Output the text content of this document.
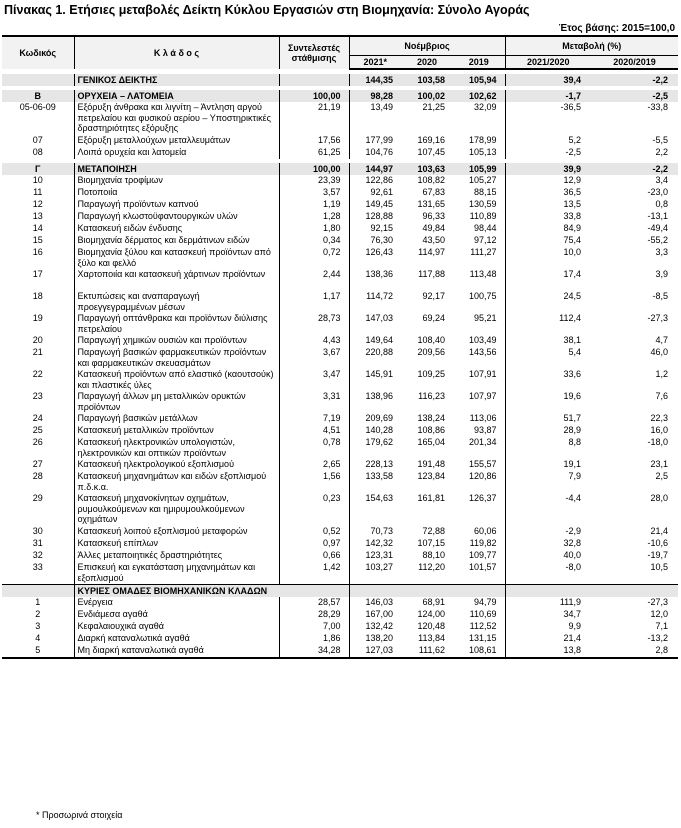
Πίνακας 1. Ετήσιες μεταβολές Δείκτη Κύκλου Εργασιών στη Βιομηχανία: Σύνολο Αγοράς
Έτος βάσης: 2015=100,0
Κωδικός	Κ λ ά δ ο ς	Συντελεστές
στάθμισης	Νοέμβριος			Μεταβολή (%)	
			2021*	2020	2019	2021/2020	2020/2019

	ΓΕΝΙΚΟΣ ΔΕΙΚΤΗΣ		144,35	103,58	105,94	39,4	-2,2

B	ΟΡΥΧΕΙΑ – ΛΑΤΟΜΕΙΑ	100,00	98,28	100,02	102,62	-1,7	-2,5
05-06-09	Εξόρυξη άνθρακα και λιγνίτη – Άντληση αργού πετρελαίου και φυσικού αερίου – Υποστηρικτικές δραστηριότητες εξόρυξης	21,19	13,49	21,25	32,09	-36,5	-33,8
07	Εξόρυξη μεταλλούχων μεταλλευμάτων	17,56	177,99	169,16	178,99	5,2	-5,5
08	Λοιπά ορυχεία και λατομεία	61,25	104,76	107,45	105,13	-2,5	2,2

Γ	ΜΕΤΑΠΟΙΗΣΗ	100,00	144,97	103,63	105,99	39,9	-2,2
10	Βιομηχανία τροφίμων	23,39	122,86	108,82	105,27	12,9	3,4
11	Ποτοποιία	3,57	92,61	67,83	88,15	36,5	-23,0
12	Παραγωγή προϊόντων καπνού	1,19	149,45	131,65	130,59	13,5	0,8
13	Παραγωγή κλωστοϋφαντουργικών υλών	1,28	128,88	96,33	110,89	33,8	-13,1
14	Κατασκευή ειδών ένδυσης	1,80	92,15	49,84	98,44	84,9	-49,4
15	Βιομηχανία δέρματος και δερμάτινων ειδών	0,34	76,30	43,50	97,12	75,4	-55,2
16	Βιομηχανία ξύλου και κατασκευή προϊόντων από ξύλο και φελλό	0,72	126,43	114,97	111,27	10,0	3,3
17	Χαρτοποιία και κατασκευή χάρτινων προϊόντων	2,44	138,36	117,88	113,48	17,4	3,9
18	Εκτυπώσεις και αναπαραγωγή προεγγεγραμμένων μέσων	1,17	114,72	92,17	100,75	24,5	-8,5
19	Παραγωγή οπτάνθρακα και προϊόντων διύλισης πετρελαίου	28,73	147,03	69,24	95,21	112,4	-27,3
20	Παραγωγή χημικών ουσιών και προϊόντων	4,43	149,64	108,40	103,49	38,1	4,7
21	Παραγωγή βασικών φαρμακευτικών προϊόντων και φαρμακευτικών σκευασμάτων	3,67	220,88	209,56	143,56	5,4	46,0
22	Κατασκευή προϊόντων από ελαστικό (καουτσούκ) και πλαστικές ύλες	3,47	145,91	109,25	107,91	33,6	1,2
23	Παραγωγή άλλων μη μεταλλικών ορυκτών προϊόντων	3,31	138,96	116,23	107,97	19,6	7,6
24	Παραγωγή βασικών μετάλλων	7,19	209,69	138,24	113,06	51,7	22,3
25	Κατασκευή μεταλλικών προϊόντων	4,51	140,28	108,86	93,87	28,9	16,0
26	Κατασκευή ηλεκτρονικών υπολογιστών, ηλεκτρονικών και οπτικών προϊόντων	0,78	179,62	165,04	201,34	8,8	-18,0
27	Κατασκευή ηλεκτρολογικού εξοπλισμού	2,65	228,13	191,48	155,57	19,1	23,1
28	Κατασκευή μηχανημάτων και ειδών εξοπλισμού π.δ.κ.α.	1,56	133,58	123,84	120,86	7,9	2,5
29	Κατασκευή μηχανοκίνητων οχημάτων, ρυμουλκούμενων και ημιρυμουλκούμενων οχημάτων	0,23	154,63	161,81	126,37	-4,4	28,0
30	Κατασκευή λοιπού εξοπλισμού μεταφορών	0,52	70,73	72,88	60,06	-2,9	21,4
31	Κατασκευή επίπλων	0,97	142,32	107,15	119,82	32,8	-10,6
32	Άλλες μεταποιητικές δραστηριότητες	0,66	123,31	88,10	109,77	40,0	-19,7
33	Επισκευή και εγκατάσταση μηχανημάτων και εξοπλισμού	1,42	103,27	112,20	101,57	-8,0	10,5
	ΚΥΡΙΕΣ ΟΜΑΔΕΣ ΒΙΟΜΗΧΑΝΙΚΩΝ ΚΛΑΔΩΝ						
1	Ενέργεια	28,57	146,03	68,91	94,79	111,9	-27,3
2	Ενδιάμεσα αγαθά	28,29	167,00	124,00	110,69	34,7	12,0
3	Κεφαλαιουχικά αγαθά	7,00	132,42	120,48	112,52	9,9	7,1
4	Διαρκή καταναλωτικά αγαθά	1,86	138,20	113,84	131,15	21,4	-13,2
5	Μη διαρκή καταναλωτικά αγαθά	34,28	127,03	111,62	108,61	13,8	2,8
* Προσωρινά στοιχεία
